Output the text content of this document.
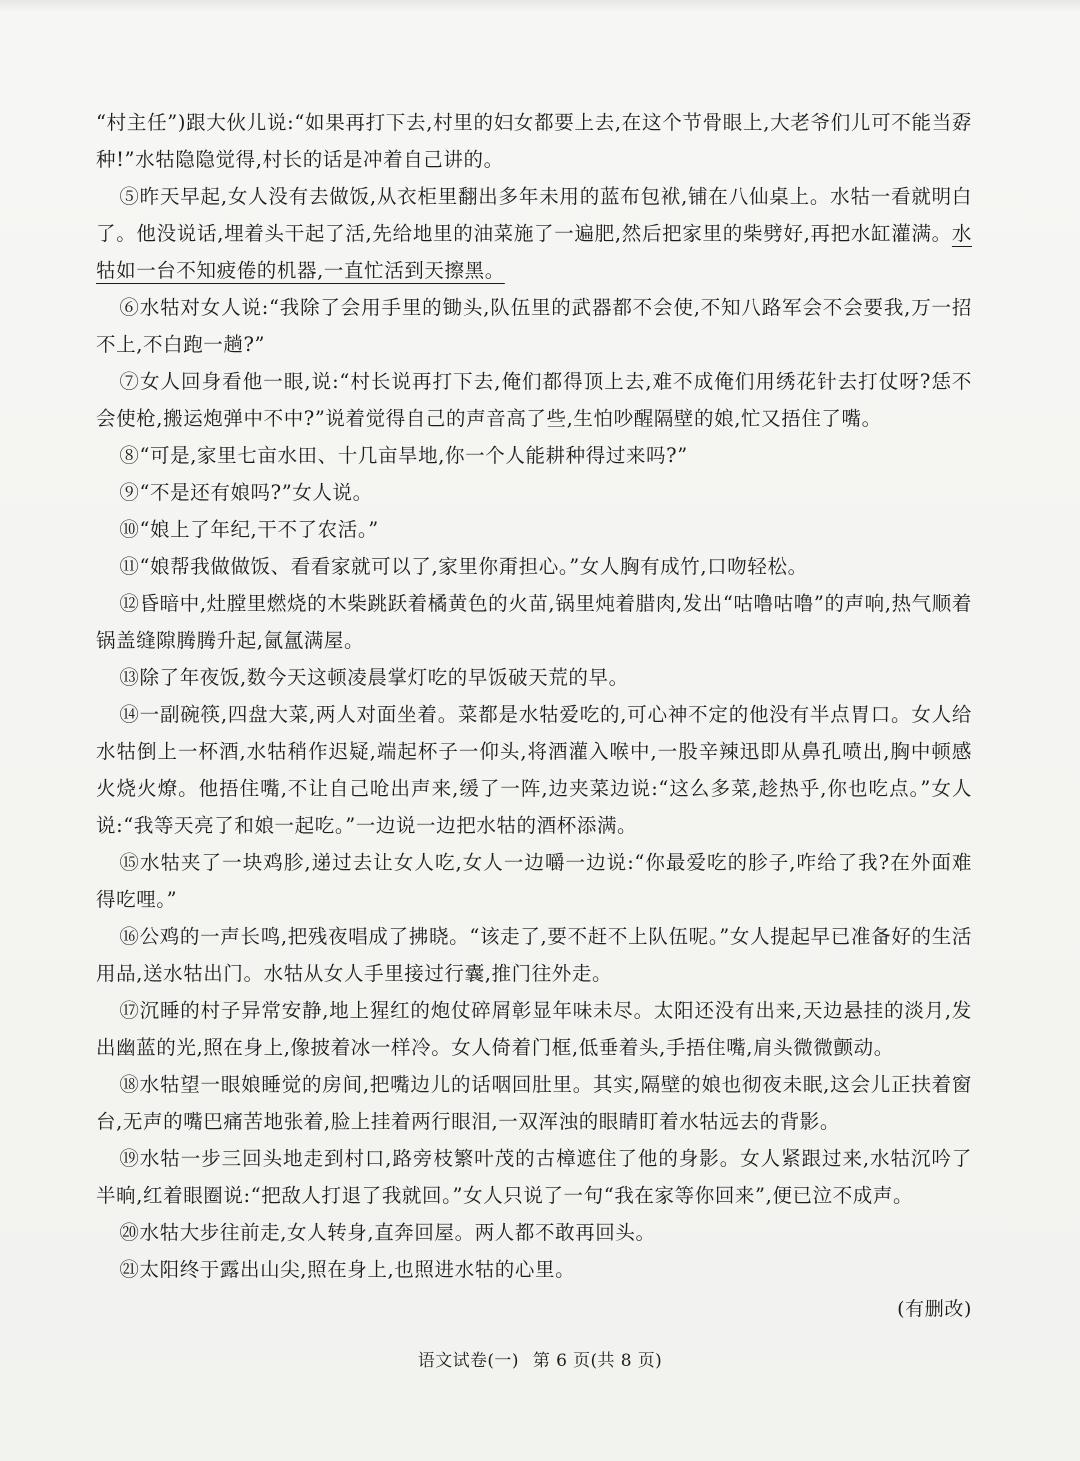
“村主任”)跟大伙儿说:“如果再打下去,村里的妇女都要上去,在这个节骨眼上,大老爷们儿可不能当孬种!”水牯隐隐觉得,村长的话是冲着自己讲的。

⑤昨天早起,女人没有去做饭,从衣柜里翻出多年未用的蓝布包袱,铺在八仙桌上。水牯一看就明白了。他没说话,埋着头干起了活,先给地里的油菜施了一遍肥,然后把家里的柴劈好,再把水缸灌满。水牯如一台不知疲倦的机器,一直忙活到天擦黑。

⑥水牯对女人说:“我除了会用手里的锄头,队伍里的武器都不会使,不知八路军会不会要我,万一招不上,不白跑一趟?”

⑦女人回身看他一眼,说:“村长说再打下去,俺们都得顶上去,难不成俺们用绣花针去打仗呀?恁不会使枪,搬运炮弹中不中?”说着觉得自己的声音高了些,生怕吵醒隔壁的娘,忙又捂住了嘴。

⑧“可是,家里七亩水田、十几亩旱地,你一个人能耕种得过来吗?”

⑨“不是还有娘吗?”女人说。

⑩“娘上了年纪,干不了农活。”

⑪“娘帮我做做饭、看看家就可以了,家里你甭担心。”女人胸有成竹,口吻轻松。

⑫昏暗中,灶膛里燃烧的木柴跳跃着橘黄色的火苗,锅里炖着腊肉,发出“咕噜咕噜”的声响,热气顺着锅盖缝隙腾腾升起,氤氲满屋。

⑬除了年夜饭,数今天这顿凌晨掌灯吃的早饭破天荒的早。

⑭一副碗筷,四盘大菜,两人对面坐着。菜都是水牯爱吃的,可心神不定的他没有半点胃口。女人给水牯倒上一杯酒,水牯稍作迟疑,端起杯子一仰头,将酒灌入喉中,一股辛辣迅即从鼻孔喷出,胸中顿感火烧火燎。他捂住嘴,不让自己呛出声来,缓了一阵,边夹菜边说:“这么多菜,趁热乎,你也吃点。”女人说:“我等天亮了和娘一起吃。”一边说一边把水牯的酒杯添满。

⑮水牯夹了一块鸡胗,递过去让女人吃,女人一边嚼一边说:“你最爱吃的胗子,咋给了我?在外面难得吃哩。”

⑯公鸡的一声长鸣,把残夜唱成了拂晓。“该走了,要不赶不上队伍呢。”女人提起早已准备好的生活用品,送水牯出门。水牯从女人手里接过行囊,推门往外走。

⑰沉睡的村子异常安静,地上猩红的炮仗碎屑彰显年味未尽。太阳还没有出来,天边悬挂的淡月,发出幽蓝的光,照在身上,像披着冰一样冷。女人倚着门框,低垂着头,手捂住嘴,肩头微微颤动。

⑱水牯望一眼娘睡觉的房间,把嘴边儿的话咽回肚里。其实,隔壁的娘也彻夜未眠,这会儿正扶着窗台,无声的嘴巴痛苦地张着,脸上挂着两行眼泪,一双浑浊的眼睛盯着水牯远去的背影。

⑲水牯一步三回头地走到村口,路旁枝繁叶茂的古樟遮住了他的身影。女人紧跟过来,水牯沉吟了半晌,红着眼圈说:“把敌人打退了我就回。”女人只说了一句“我在家等你回来”,便已泣不成声。

⑳水牯大步往前走,女人转身,直奔回屋。两人都不敢再回头。

㉑太阳终于露出山尖,照在身上,也照进水牯的心里。

(有删改)
语文试卷(一) 第 6 页(共 8 页)
